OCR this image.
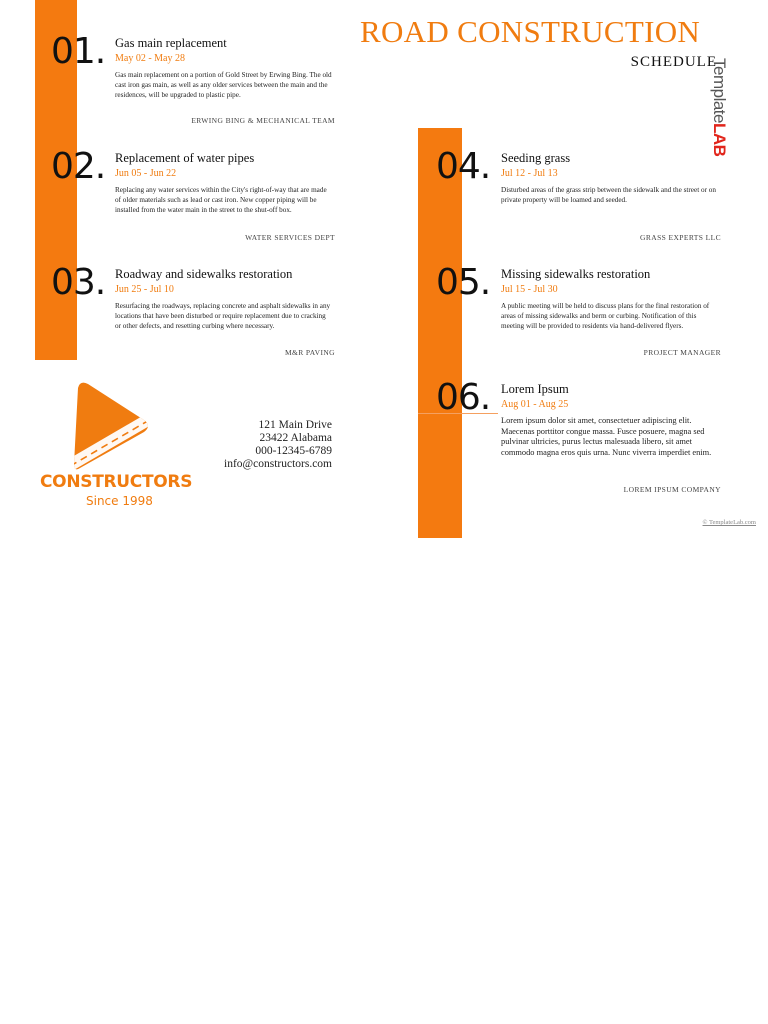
ROAD CONSTRUCTION
SCHEDULE
TemplateLAB
01. Gas main replacement
May 02 - May 28
Gas main replacement on a portion of Gold Street by Erwing Bing. The old cast iron gas main, as well as any older services between the main and the residences, will be upgraded to plastic pipe.
ERWING BING & MECHANICAL TEAM
02. Replacement of water pipes
Jun 05 - Jun 22
Replacing any water services within the City's right-of-way that are made of older materials such as lead or cast iron. New copper piping will be installed from the water main in the street to the shut-off box.
WATER SERVICES DEPT
03. Roadway and sidewalks restoration
Jun 25 - Jul 10
Resurfacing the roadways, replacing concrete and asphalt sidewalks in any locations that have been disturbed or require replacement due to cracking or other defects, and resetting curbing where necessary.
M&R PAVING
04. Seeding grass
Jul 12 - Jul 13
Disturbed areas of the grass strip between the sidewalk and the street or on private property will be loamed and seeded.
GRASS EXPERTS LLC
05. Missing sidewalks restoration
Jul 15 - Jul 30
A public meeting will be held to discuss plans for the final restoration of areas of missing sidewalks and berm or curbing. Notification of this meeting will be provided to residents via hand-delivered flyers.
PROJECT MANAGER
06. Lorem Ipsum
Aug 01 - Aug 25
Lorem ipsum dolor sit amet, consectetuer adipiscing elit. Maecenas porttitor congue massa. Fusce posuere, magna sed pulvinar ultricies, purus lectus malesuada libero, sit amet commodo magna eros quis urna. Nunc viverra imperdiet enim.
LOREM IPSUM COMPANY
CONSTRUCTORS
Since 1998
121 Main Drive
23422 Alabama
000-12345-6789
info@constructors.com
© TemplateLab.com
